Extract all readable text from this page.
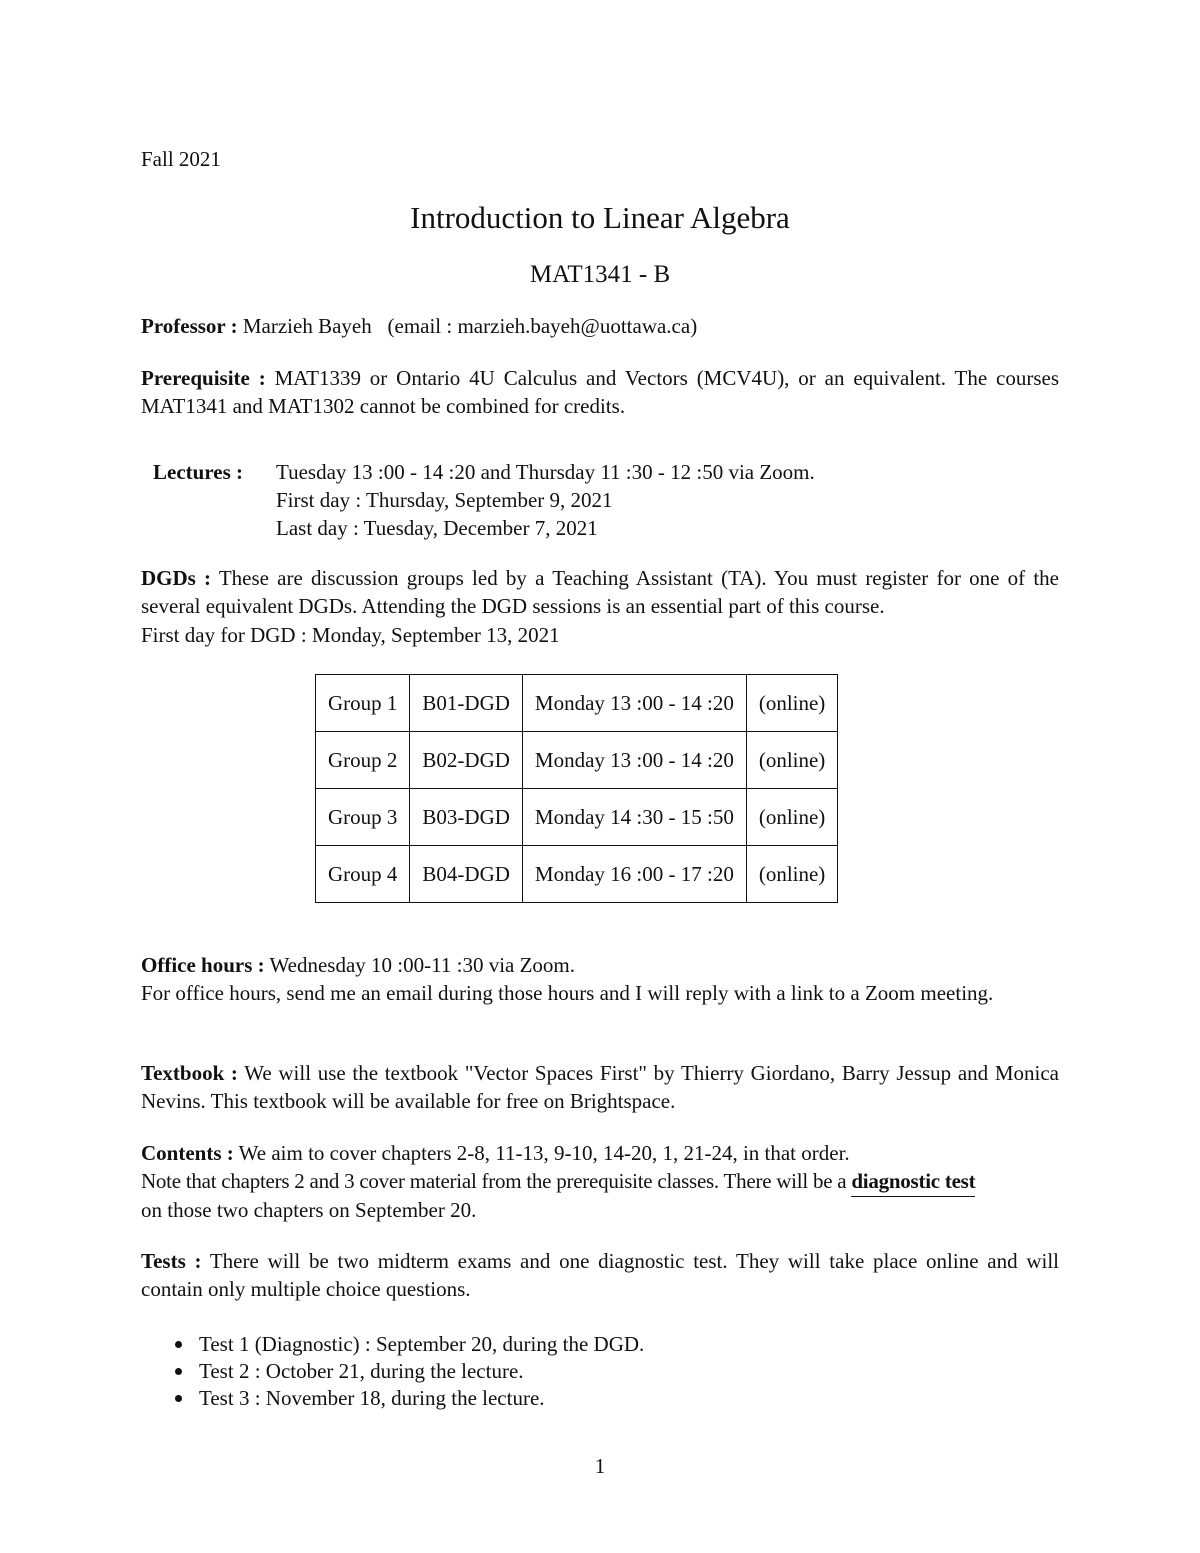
Fall 2021
Introduction to Linear Algebra
MAT1341 - B
Professor : Marzieh Bayeh (email : marzieh.bayeh@uottawa.ca)
Prerequisite : MAT1339 or Ontario 4U Calculus and Vectors (MCV4U), or an equivalent. The courses MAT1341 and MAT1302 cannot be combined for credits.
Lectures : Tuesday 13 :00 - 14 :20 and Thursday 11 :30 - 12 :50 via Zoom.
First day : Thursday, September 9, 2021
Last day : Tuesday, December 7, 2021
DGDs : These are discussion groups led by a Teaching Assistant (TA). You must register for one of the several equivalent DGDs. Attending the DGD sessions is an essential part of this course.
First day for DGD : Monday, September 13, 2021
Group 1	B01-DGD	Monday 13 :00 - 14 :20	(online)
Group 2	B02-DGD	Monday 13 :00 - 14 :20	(online)
Group 3	B03-DGD	Monday 14 :30 - 15 :50	(online)
Group 4	B04-DGD	Monday 16 :00 - 17 :20	(online)
Office hours : Wednesday 10 :00-11 :30 via Zoom.
For office hours, send me an email during those hours and I will reply with a link to a Zoom meeting.
Textbook : We will use the textbook "Vector Spaces First" by Thierry Giordano, Barry Jessup and Monica Nevins. This textbook will be available for free on Brightspace.
Contents : We aim to cover chapters 2-8, 11-13, 9-10, 14-20, 1, 21-24, in that order.
Note that chapters 2 and 3 cover material from the prerequisite classes. There will be a diagnostic test
on those two chapters on September 20.
Tests : There will be two midterm exams and one diagnostic test. They will take place online and will contain only multiple choice questions.
Test 1 (Diagnostic) : September 20, during the DGD.
Test 2 : October 21, during the lecture.
Test 3 : November 18, during the lecture.
1
